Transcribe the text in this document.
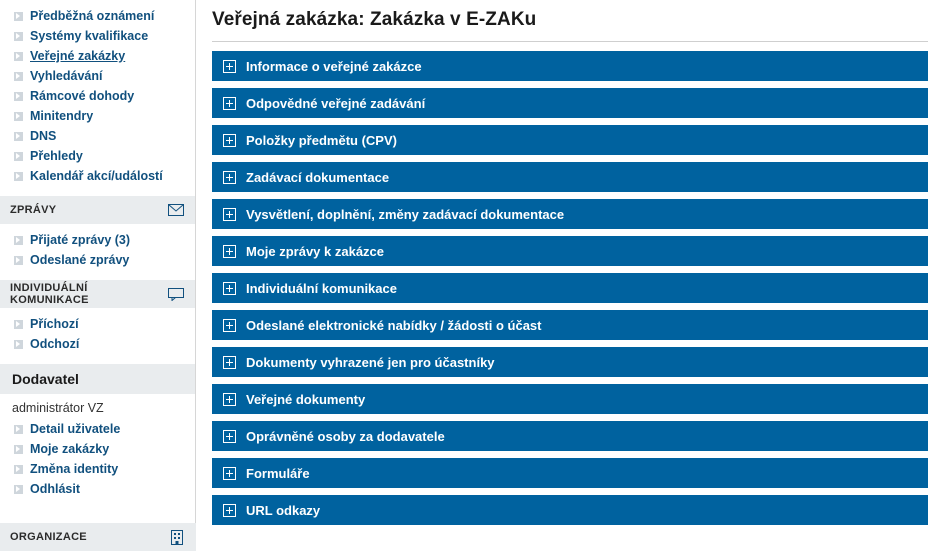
Předběžná oznámení
Systémy kvalifikace
Veřejné zakázky
Vyhledávání
Rámcové dohody
Minitendry
DNS
Přehledy
Kalendář akcí/událostí
ZPRÁVY
Přijaté zprávy (3)
Odeslané zprávy
INDIVIDUÁLNÍ KOMUNIKACE
Příchozí
Odchozí
Dodavatel
administrátor VZ
Detail uživatele
Moje zakázky
Změna identity
Odhlásit
ORGANIZACE
Veřejná zakázka: Zakázka v E-ZAKu
Informace o veřejné zakázce
Odpovědné veřejné zadávání
Položky předmětu (CPV)
Zadávací dokumentace
Vysvětlení, doplnění, změny zadávací dokumentace
Moje zprávy k zakázce
Individuální komunikace
Odeslané elektronické nabídky / žádosti o účast
Dokumenty vyhrazené jen pro účastníky
Veřejné dokumenty
Oprávněné osoby za dodavatele
Formuláře
URL odkazy
